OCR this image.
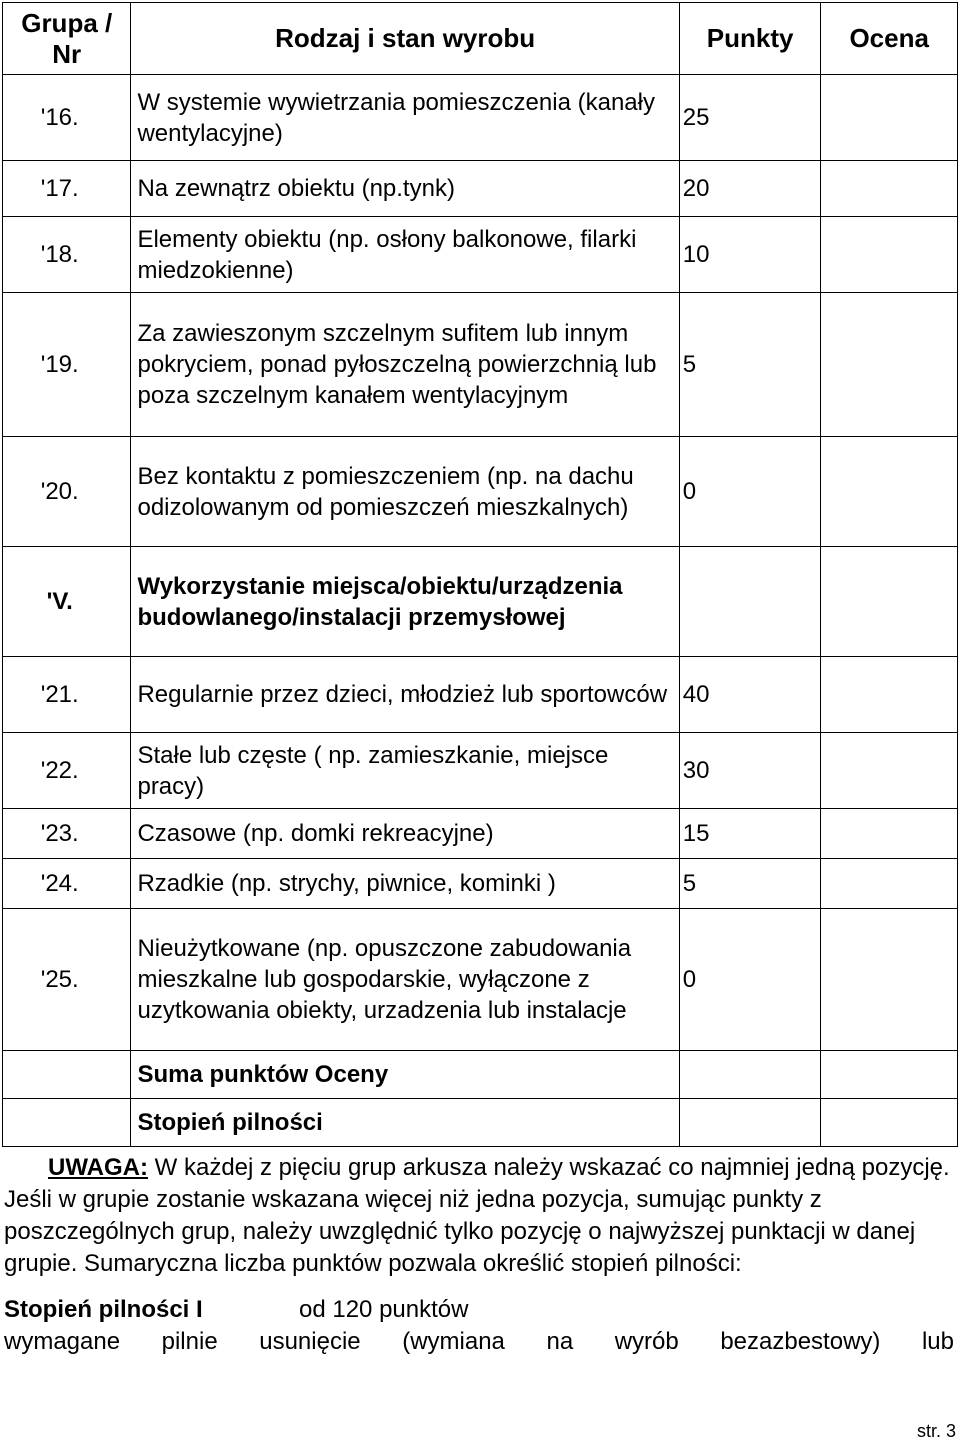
Grupa / Nr	Rodzaj i stan wyrobu	Punkty	Ocena
'16.	W systemie wywietrzania pomieszczenia (kanały wentylacyjne)	25	
'17.	Na zewnątrz obiektu (np.tynk)	20	
'18.	Elementy obiektu (np. osłony balkonowe, filarki miedzokienne)	10	
'19.	Za zawieszonym szczelnym sufitem lub innym pokryciem, ponad pyłoszczelną powierzchnią lub poza szczelnym kanałem wentylacyjnym	5	
'20.	Bez kontaktu z pomieszczeniem (np. na dachu odizolowanym od pomieszczeń mieszkalnych)	0	
'V.	Wykorzystanie miejsca/obiektu/urządzenia budowlanego/instalacji przemysłowej		
'21.	Regularnie przez dzieci, młodzież lub sportowców	40	
'22.	Stałe lub częste ( np. zamieszkanie, miejsce pracy)	30	
'23.	Czasowe (np. domki rekreacyjne)	15	
'24.	Rzadkie (np. strychy, piwnice, kominki )	5	
'25.	Nieużytkowane (np. opuszczone zabudowania mieszkalne lub gospodarskie, wyłączone z uzytkowania obiekty, urzadzenia lub instalacje	0	
	Suma punktów Oceny		
	Stopień pilności		

UWAGA: W każdej z pięciu grup arkusza należy wskazać co najmniej jedną pozycję. Jeśli w grupie zostanie wskazana więcej niż jedna pozycja, sumując punkty z poszczególnych grup, należy uwzględnić tylko pozycję o najwyższej punktacji w danej grupie. Sumaryczna liczba punktów pozwala określić stopień pilności:

Stopień pilności I	od 120 punktów

wymagane pilnie usunięcie (wymiana na wyrób bezazbestowy) lub

str. 3
